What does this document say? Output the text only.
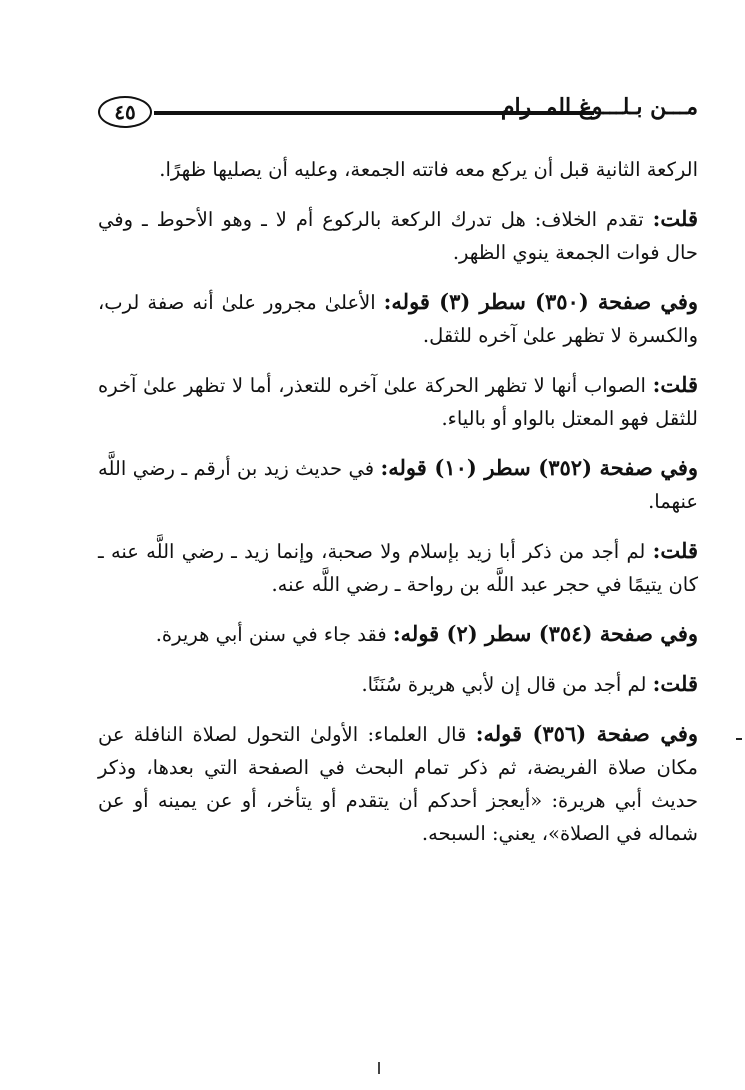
٤٥	مـــن بـلـــوغ المــرام

الركعة الثانية قبل أن يركع معه فاتته الجمعة، وعليه أن يصليها ظهرًا.

قلت: تقدم الخلاف: هل تدرك الركعة بالركوع أم لا ـ وهو الأحوط ـ وفي حال فوات الجمعة ينوي الظهر.

وفي صفحة (٣٥٠) سطر (٣) قوله: الأعلىٰ مجرور علىٰ أنه صفة لرب، والكسرة لا تظهر علىٰ آخره للثقل.

قلت: الصواب أنها لا تظهر الحركة علىٰ آخره للتعذر، أما لا تظهر علىٰ آخره للثقل فهو المعتل بالواو أو بالياء.

وفي صفحة (٣٥٢) سطر (١٠) قوله: في حديث زيد بن أرقم ـ رضي اللَّه عنهما.

قلت: لم أجد من ذكر أبا زيد بإسلام ولا صحبة، وإنما زيد ـ رضي اللَّه عنه ـ كان يتيمًا في حجر عبد اللَّه بن رواحة ـ رضي اللَّه عنه.

وفي صفحة (٣٥٤) سطر (٢) قوله: فقد جاء في سنن أبي هريرة.

قلت: لم أجد من قال إن لأبي هريرة سُنَنًا.

وفي صفحة (٣٥٦) قوله: قال العلماء: الأولىٰ التحول لصلاة النافلة عن مكان صلاة الفريضة، ثم ذكر تمام البحث في الصفحة التي بعدها، وذكر حديث أبي هريرة: «أيعجز أحدكم أن يتقدم أو يتأخر، أو عن يمينه أو عن شماله في الصلاة»، يعني: السبحه.
